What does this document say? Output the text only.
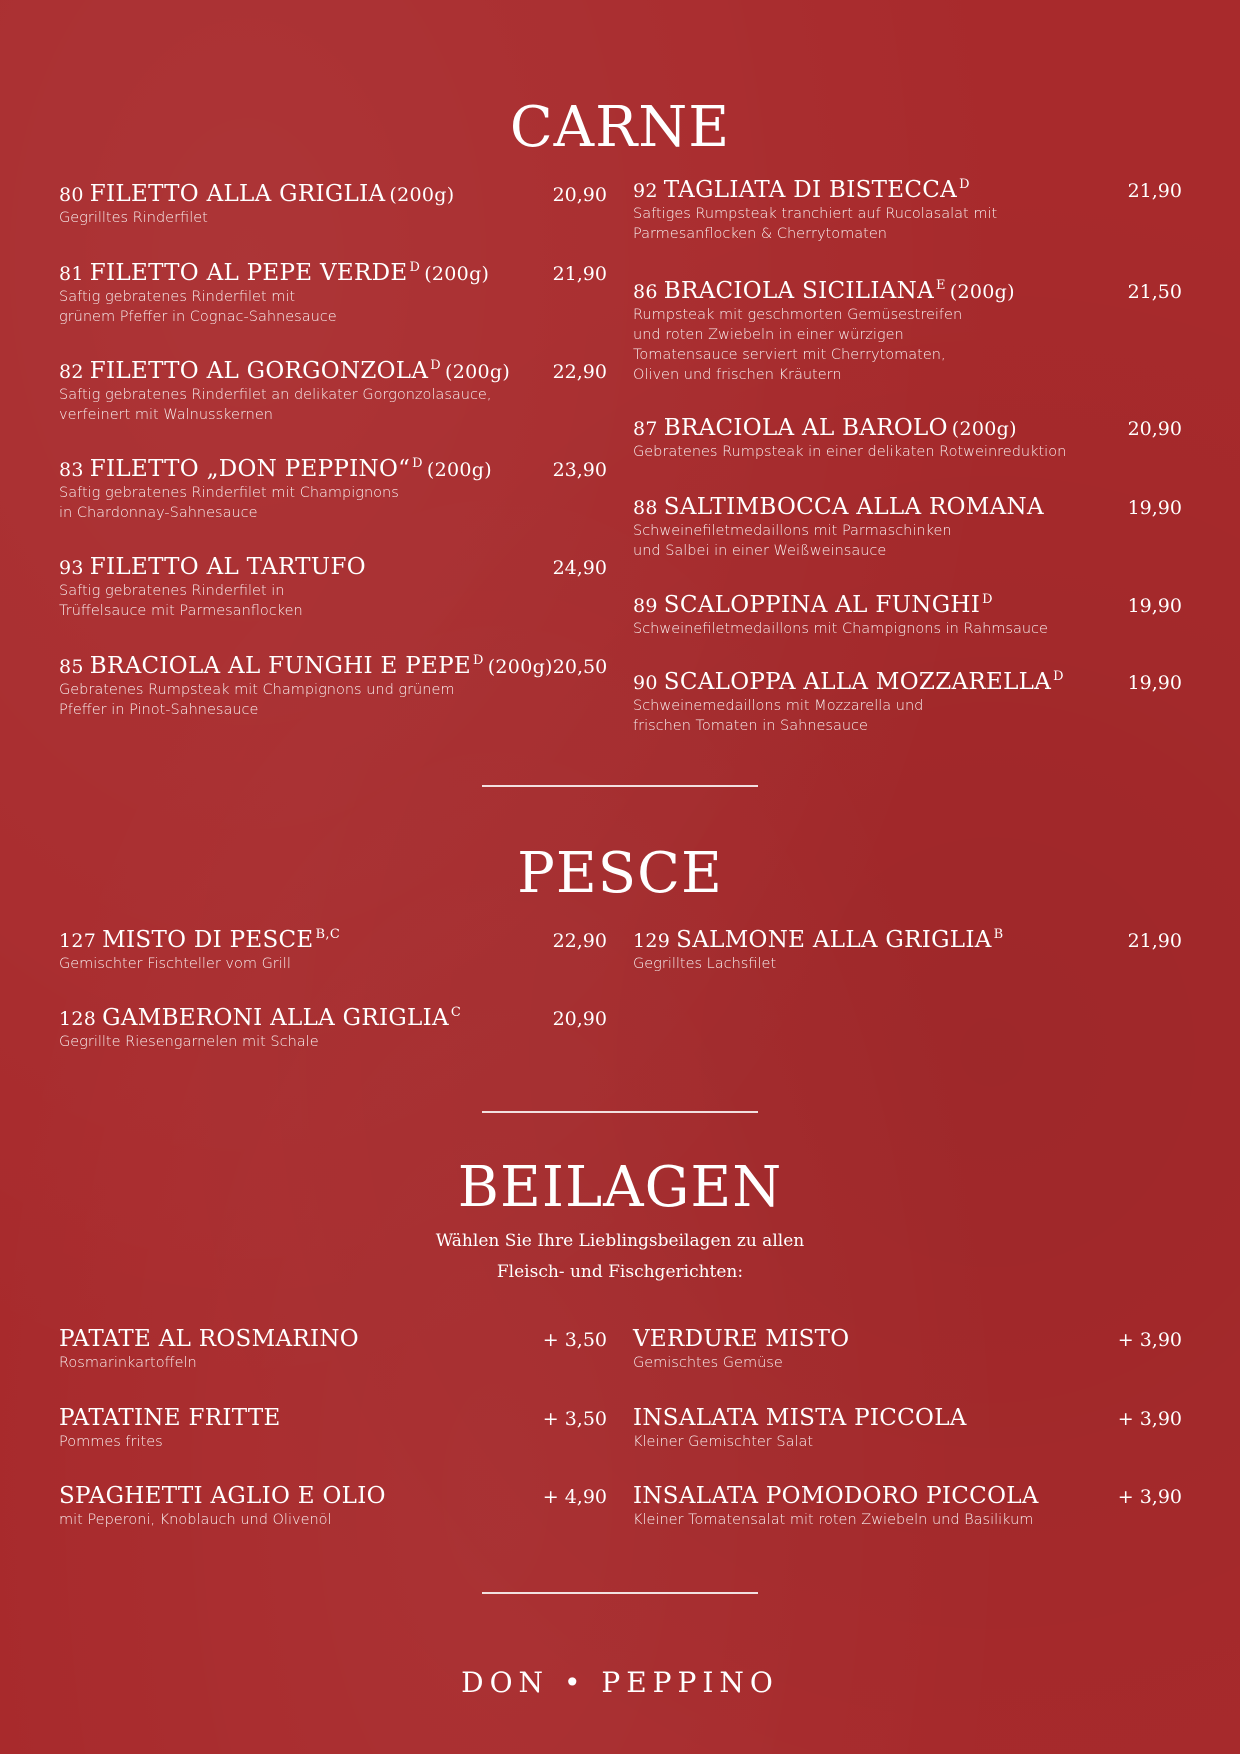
CARNE
80 FILETTO ALLA GRIGLIA (200g)	20,90
Gegrilltes Rinderfilet
81 FILETTO AL PEPE VERDE $^D$ (200g)	21,90
Saftig gebratenes Rinderfilet mit
grünem Pfeffer in Cognac-Sahnesauce
82 FILETTO AL GORGONZOLA $^D$ (200g) 22,90
Saftig gebratenes Rinderfilet an delikater Gorgonzolasauce,
verfeinert mit Walnusskernen
83 FILETTO „DON PEPPINO“ $^D$ (200g)	23,90
Saftig gebratenes Rinderfilet mit Champignons
in Chardonnay-Sahnesauce
93 FILETTO AL TARTUFO	24,90
Saftig gebratenes Rinderfilet in
Trüffelsauce mit Parmesanflocken
85 BRACIOLA AL FUNGHI E PEPE $^D$ (200g) 20,50
Gebratenes Rumpsteak mit Champignons und grünem
Pfeffer in Pinot-Sahnesauce
92 TAGLIATA DI BISTECCA $^D$	21,90
Saftiges Rumpsteak tranchiert auf Rucolasalat mit
Parmesanflocken & Cherrytomaten
86 BRACIOLA SICILIANA $^E$ (200g)	21,50
Rumpsteak mit geschmorten Gemüsestreifen
und roten Zwiebeln in einer würzigen
Tomatensauce serviert mit Cherrytomaten,
Oliven und frischen Kräutern
87 BRACIOLA AL BAROLO (200g)	20,90
Gebratenes Rumpsteak in einer delikaten Rotweinreduktion
88 SALTIMBOCCA ALLA ROMANA	19,90
Schweinefiletmedaillons mit Parmaschinken
und Salbei in einer Weißweinsauce
89 SCALOPPINA AL FUNGHI $^D$	19,90
Schweinefiletmedaillons mit Champignons in Rahmsauce
90 SCALOPPA ALLA MOZZARELLA $^D$	19,90
Schweinemedaillons mit Mozzarella und
frischen Tomaten in Sahnesauce
PESCE
127 MISTO DI PESCE $^{B,C}$	22,90
Gemischter Fischteller vom Grill
128 GAMBERONI ALLA GRIGLIA $^C$	20,90
Gegrillte Riesengarnelen mit Schale
129 SALMONE ALLA GRIGLIA $^B$	21,90
Gegrilltes Lachsfilet
BEILAGEN
Wählen Sie Ihre Lieblingsbeilagen zu allen
Fleisch- und Fischgerichten:
PATATE AL ROSMARINO	+ 3,50
Rosmarinkartoffeln
PATATINE FRITTE	+ 3,50
Pommes frites
SPAGHETTI AGLIO E OLIO	+ 4,90
mit Peperoni, Knoblauch und Olivenöl
VERDURE MISTO	+ 3,90
Gemischtes Gemüse
INSALATA MISTA PICCOLA	+ 3,90
Kleiner Gemischter Salat
INSALATA POMODORO PICCOLA	+ 3,90
Kleiner Tomatensalat mit roten Zwiebeln und Basilikum
DON • PEPPINO
